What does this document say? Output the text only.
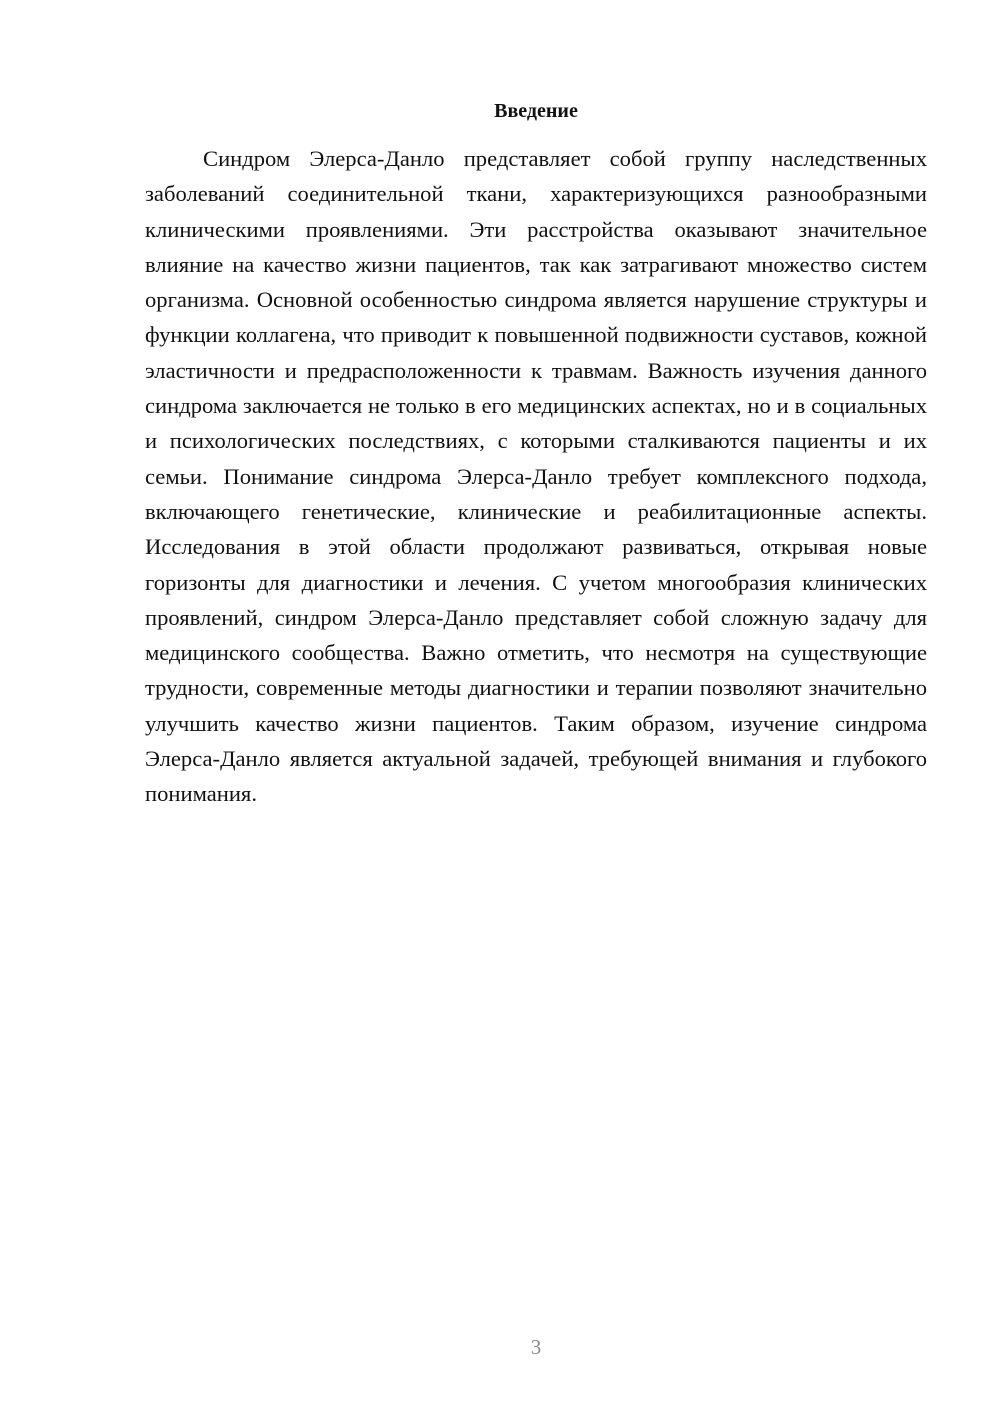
Введение

Синдром Элерса-Данло представляет собой группу наследственных заболеваний соединительной ткани, характеризующихся разнообразными клиническими проявлениями. Эти расстройства оказывают значительное влияние на качество жизни пациентов, так как затрагивают множество систем организма. Основной особенностью синдрома является нарушение структуры и функции коллагена, что приводит к повышенной подвижности суставов, кожной эластичности и предрасположенности к травмам. Важность изучения данного синдрома заключается не только в его медицинских аспектах, но и в социальных и психологических последствиях, с которыми сталкиваются пациенты и их семьи. Понимание синдрома Элерса-Данло требует комплексного подхода, включающего генетические, клинические и реабилитационные аспекты. Исследования в этой области продолжают развиваться, открывая новые горизонты для диагностики и лечения. С учетом многообразия клинических проявлений, синдром Элерса-Данло представляет собой сложную задачу для медицинского сообщества. Важно отметить, что несмотря на существующие трудности, современные методы диагностики и терапии позволяют значительно улучшить качество жизни пациентов. Таким образом, изучение синдрома Элерса-Данло является актуальной задачей, требующей внимания и глубокого понимания.

3
